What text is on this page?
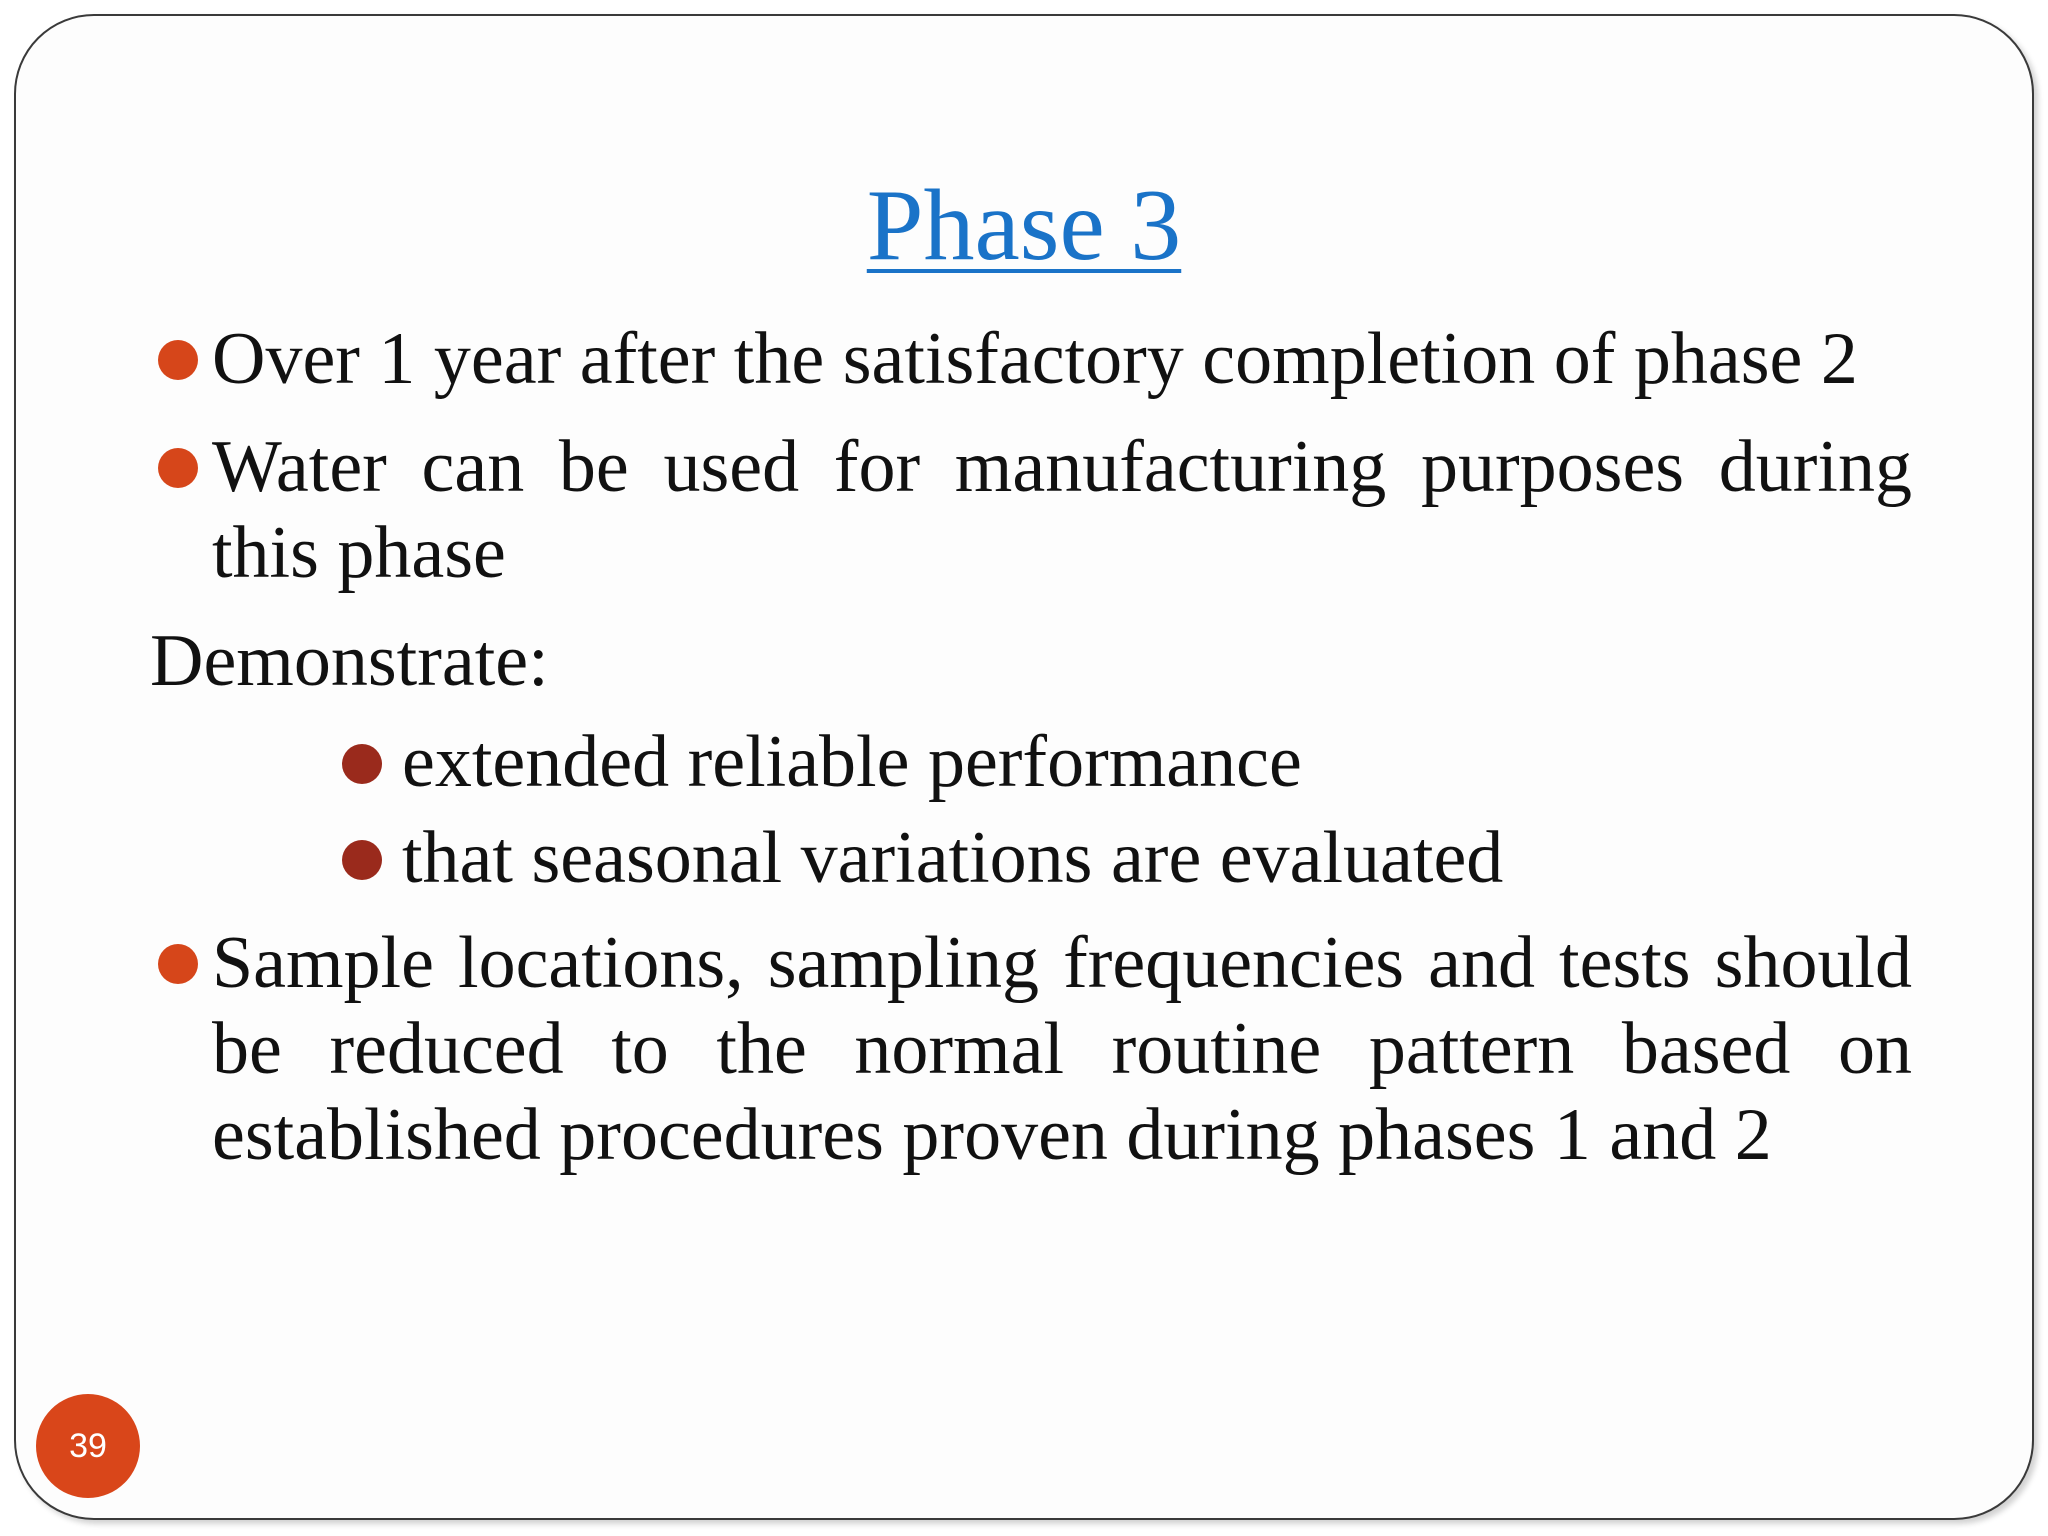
Phase 3
Over 1 year after the satisfactory completion of phase 2
Water can be used for manufacturing purposes during this phase
Demonstrate:
extended reliable performance
that seasonal variations are evaluated
Sample locations, sampling frequencies and tests should be reduced to the normal routine pattern based on established procedures proven during phases 1 and 2
39
